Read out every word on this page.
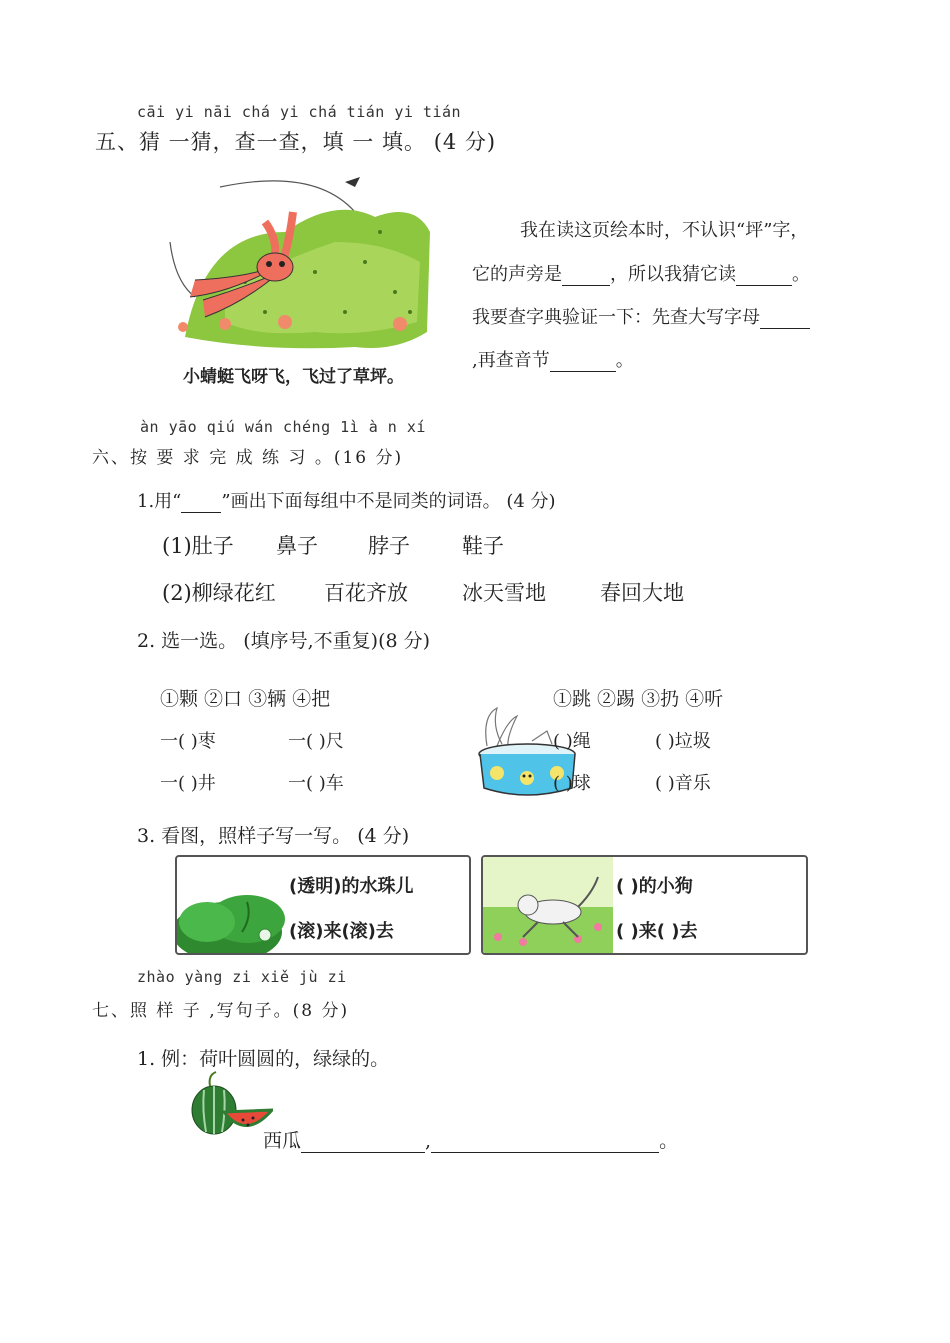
cāi yi nāi chá yi chá tián yi tián
五、猜 一猜，查一查，填 一 填。 (4 分)
小蜻蜓飞呀飞，飞过了草坪。
我在读这页绘本时，不认识“坪”字，
它的声旁是	，所以我猜它读	。
我要查字典验证一下：先查大写字母
,再查音节	。
àn yāo qiú wán chéng 1ì à n xí
六、按 要 求 完 成 练 习 。(16 分)
1.用“ ”画出下面每组中不是同类的词语。 (4 分)
(1)肚子 鼻子 脖子 鞋子
(2)柳绿花红 百花齐放	冰天雪地	春回大地
2. 选一选。 (填序号,不重复)(8 分)
①颗 ②口 ③辆 ④把	①跳 ②踢 ③扔 ④听
一( )枣	一( )尺
一( )井	一( )车
( )绳	( )垃圾
( )球	( )音乐
3. 看图，照样子写一写。 (4 分)
(透明)的水珠儿
(滚)来(滚)去
( )的小狗
( )来( )去
zhào yàng zi xiě jù zi
七、照 样 子 ,写句子。(8 分)
1. 例：荷叶圆圆的，绿绿的。
西瓜	,	。
